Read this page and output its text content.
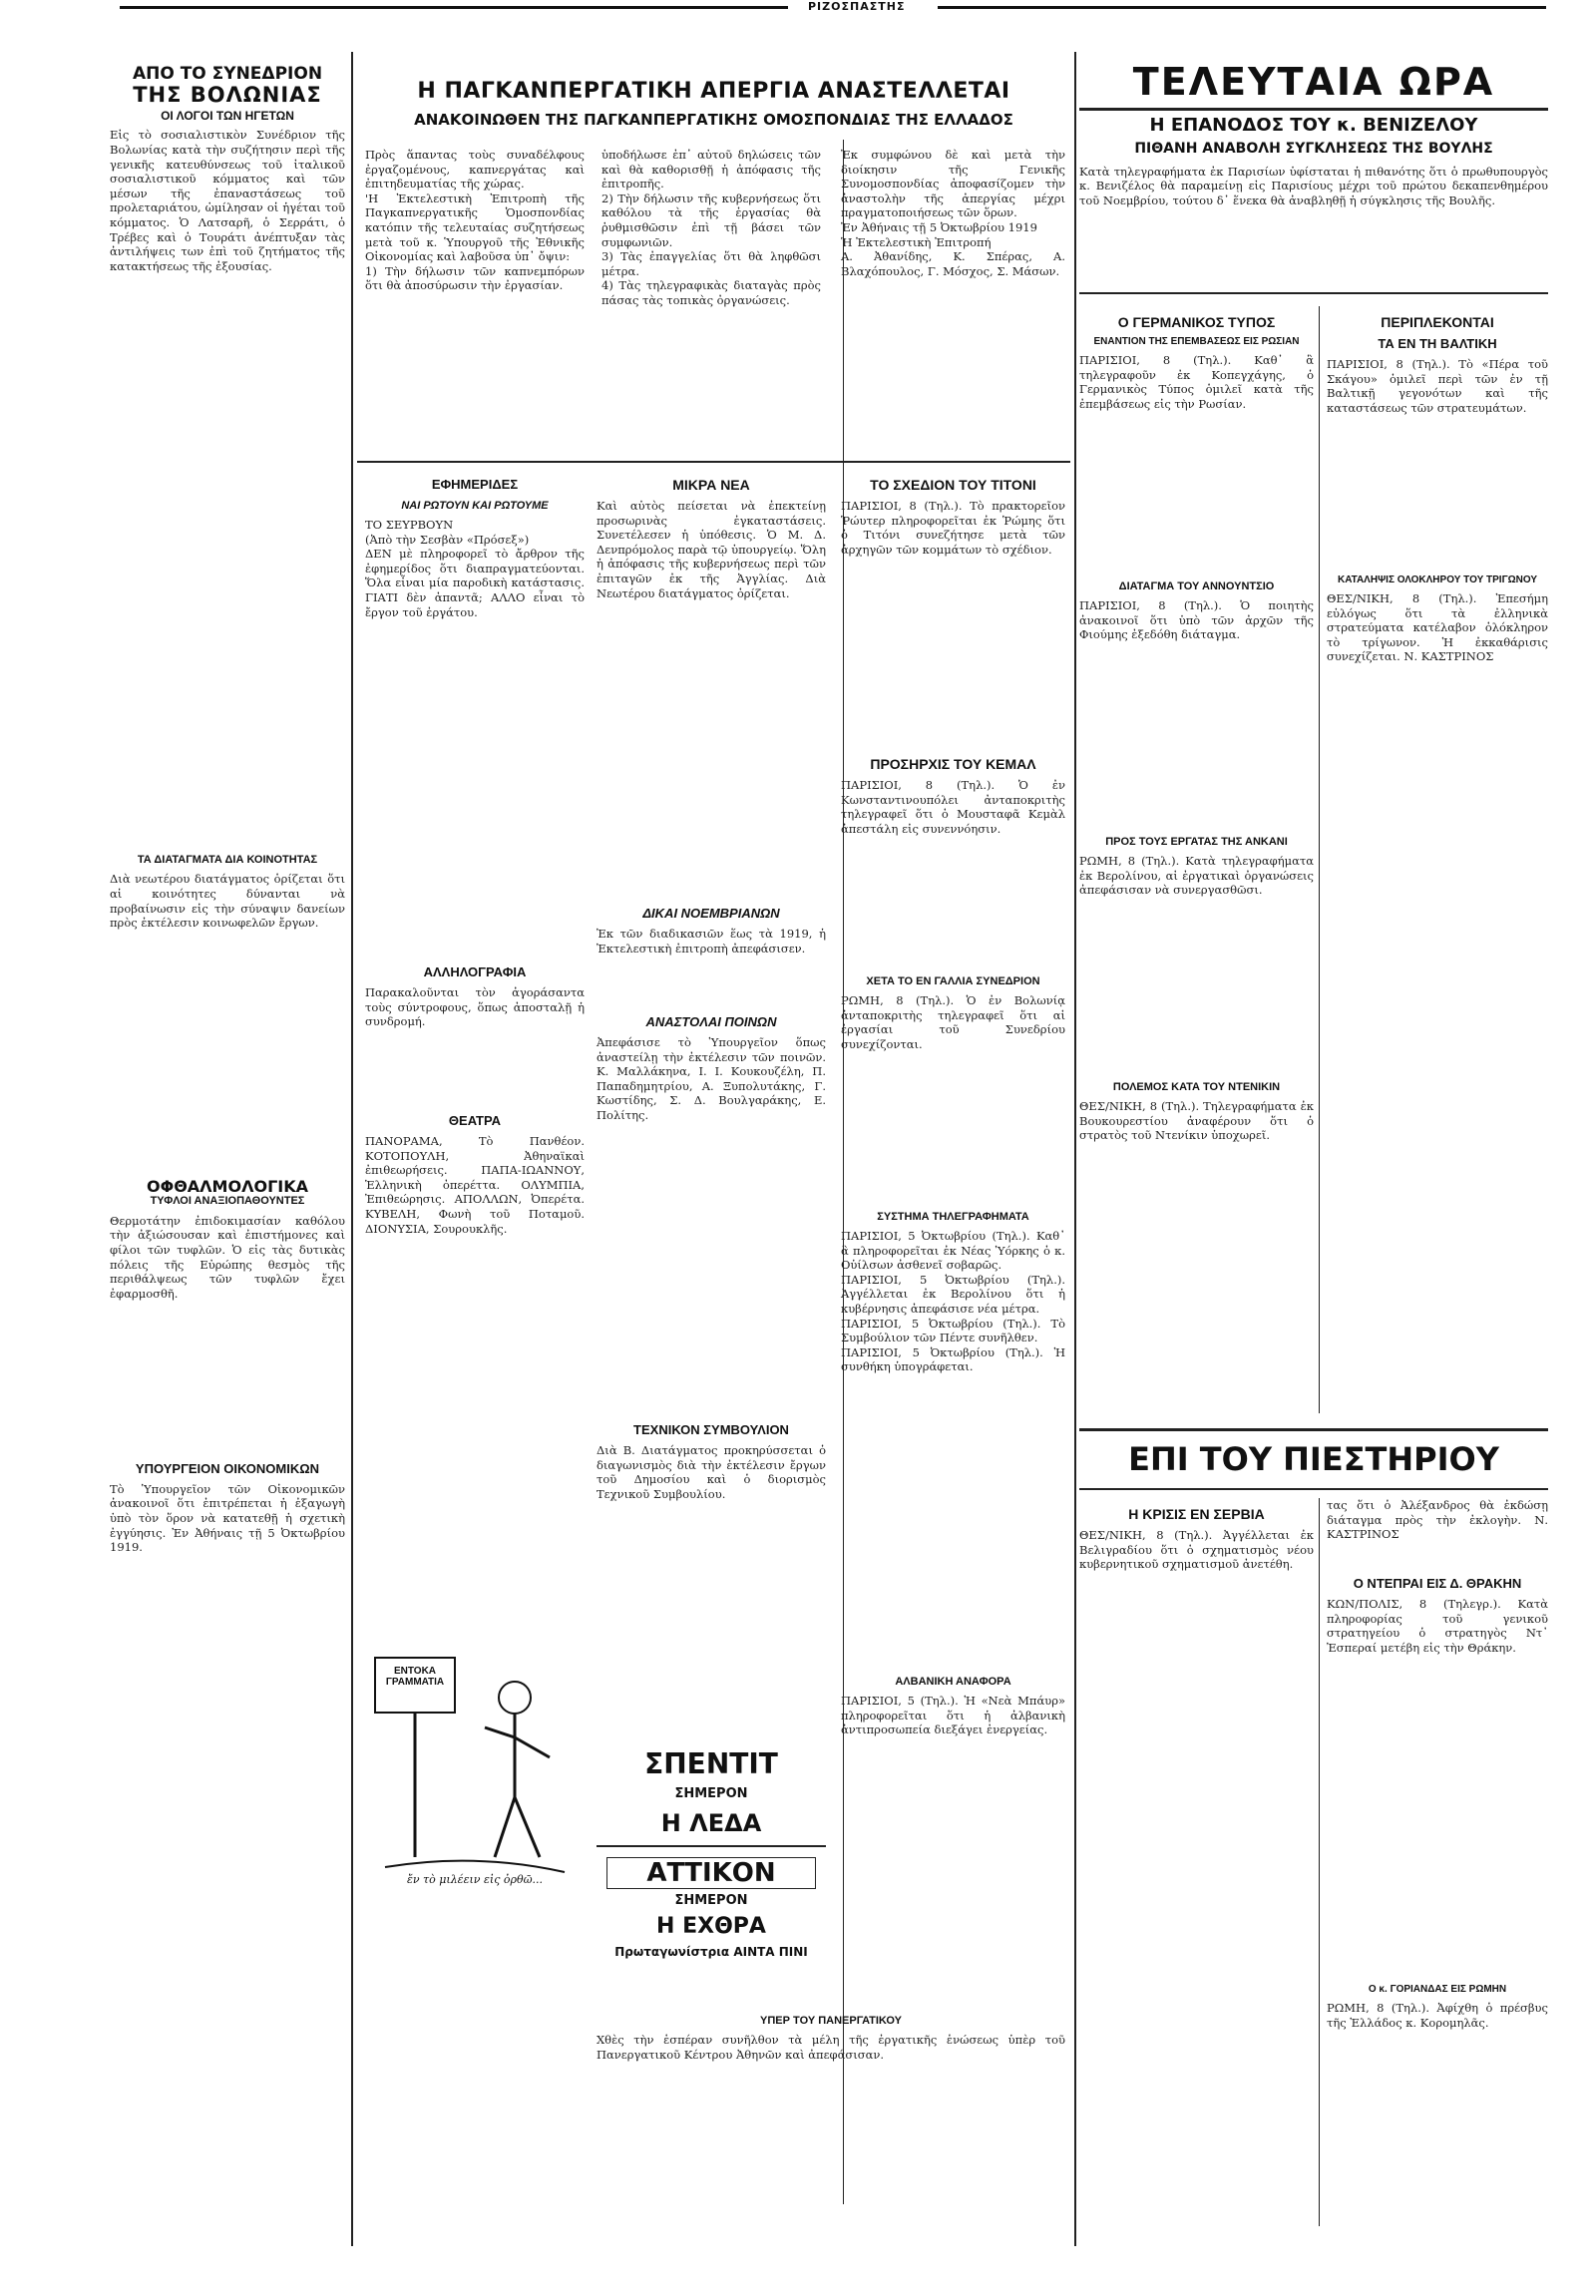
ΡΙΖΟΣΠΑΣΤΗΣ
ΑΠΟ ΤΟ ΣΥΝΕΔΡΙΟΝ
ΤΗΣ ΒΟΛΩΝΙΑΣ
ΟΙ ΛΟΓΟΙ ΤΩΝ ΗΓΕΤΩΝ
Εἰς τὸ σοσιαλιστικὸν Συνέδριον τῆς Βολωνίας κατὰ τὴν συζήτησιν περὶ τῆς γενικῆς κατευθύνσεως τοῦ ἰταλικοῦ σοσιαλιστικοῦ κόμματος καὶ τῶν μέσων τῆς ἐπαναστάσεως τοῦ προλεταριάτου, ὡμίλησαν οἱ ἡγέται τοῦ κόμματος. Ὁ Λατσαρῆ, ὁ Σερράτι, ὁ Τρέβες καὶ ὁ Τουράτι ἀνέπτυξαν τὰς ἀντιλήψεις των ἐπὶ τοῦ ζητήματος τῆς κατακτήσεως τῆς ἐξουσίας.
ΤΑ ΔΙΑΤΑΓΜΑΤΑ ΔΙΑ ΚΟΙΝΟΤΗΤΑΣ
Διὰ νεωτέρου διατάγματος ὁρίζεται ὅτι αἱ κοινότητες δύνανται νὰ προβαίνωσιν εἰς τὴν σύναψιν δανείων πρὸς ἐκτέλεσιν κοινωφελῶν ἔργων.
ΟΦΘΑΛΜΟΛΟΓΙΚΑ
ΤΥΦΛΟΙ ΑΝΑΞΙΟΠΑΘΟΥΝΤΕΣ
Θερμοτάτην ἐπιδοκιμασίαν καθόλου τὴν ἀξιώσουσαν καὶ ἐπιστήμονες καὶ φίλοι τῶν τυφλῶν. Ὁ εἰς τὰς δυτικὰς πόλεις τῆς Εὐρώπης θεσμὸς τῆς περιθάλψεως τῶν τυφλῶν ἔχει ἐφαρμοσθῆ.
ΥΠΟΥΡΓΕΙΟΝ ΟΙΚΟΝΟΜΙΚΩΝ
Τὸ Ὑπουργεῖον τῶν Οἰκονομικῶν ἀνακοινοῖ ὅτι ἐπιτρέπεται ἡ ἐξαγωγὴ ὑπὸ τὸν ὅρον νὰ κατατεθῇ ἡ σχετικὴ ἐγγύησις. Ἐν Ἀθήναις τῇ 5 Ὀκτωβρίου 1919.
Η ΠΑΓΚΑΝΠΕΡΓΑΤΙΚΗ ΑΠΕΡΓΙΑ ΑΝΑΣΤΕΛΛΕΤΑΙ
ΑΝΑΚΟΙΝΩΘΕΝ ΤΗΣ ΠΑΓΚΑΝΠΕΡΓΑΤΙΚΗΣ ΟΜΟΣΠΟΝΔΙΑΣ ΤΗΣ ΕΛΛΑΔΟΣ
Πρὸς ἅπαντας τοὺς συναδέλφους ἐργαζομένους, καπνεργάτας καὶ ἐπιτηδευματίας τῆς χώρας.
'Η Ἐκτελεστικὴ Ἐπιτροπὴ τῆς Παγκαπνεργατικῆς Ὁμοσπονδίας κατόπιν τῆς τελευταίας συζητήσεως μετὰ τοῦ κ. Ὑπουργοῦ τῆς Ἐθνικῆς Οἰκονομίας καὶ λαβοῦσα ὑπ᾽ ὄψιν:
1) Τὴν δήλωσιν τῶν καπνεμπόρων ὅτι θὰ ἀποσύρωσιν τὴν ἐργασίαν.
ὑποδήλωσε ἐπ᾽ αὐτοῦ δηλώσεις τῶν καὶ θὰ καθορισθῇ ἡ ἀπόφασις τῆς ἐπιτροπῆς.
2) Τὴν δήλωσιν τῆς κυβερνήσεως ὅτι καθόλου τὰ τῆς ἐργασίας θὰ ῥυθμισθῶσιν ἐπὶ τῇ βάσει τῶν συμφωνιῶν.
3) Τὰς ἐπαγγελίας ὅτι θὰ ληφθῶσι μέτρα.
4) Τὰς τηλεγραφικὰς διαταγὰς πρὸς πάσας τὰς τοπικὰς ὀργανώσεις.
Ἐκ συμφώνου δὲ καὶ μετὰ τὴν διοίκησιν τῆς Γενικῆς Συνομοσπονδίας ἀποφασίζομεν τὴν ἀναστολὴν τῆς ἀπεργίας μέχρι πραγματοποιήσεως τῶν ὅρων.
Ἐν Ἀθήναις τῇ 5 Ὀκτωβρίου 1919
Ἡ Ἐκτελεστικὴ Ἐπιτροπή
Α. Ἀθανίδης, Κ. Σπέρας, Α. Βλαχόπουλος, Γ. Μόσχος, Σ. Μάσων.
ΕΦΗΜΕΡΙΔΕΣ
ΝΑΙ ΡΩΤΟΥΝ ΚΑΙ ΡΩΤΟΥΜΕ
ΤΟ ΣΕΥΡΒΟΥΝ
(Ἀπὸ τὴν Σεσβὰν «Πρόσεξ»)
ΔΕΝ μὲ πληροφορεῖ τὸ ἄρθρον τῆς ἐφημερίδος ὅτι διαπραγματεύονται. Ὅλα εἶναι μία παροδικὴ κατάστασις. ΓΙΑΤΙ δὲν ἀπαντᾶ; ΑΛΛΟ εἶναι τὸ ἔργον τοῦ ἐργάτου.
ΑΛΛΗΛΟΓΡΑΦΙΑ
Παρακαλοῦνται τὸν ἀγοράσαντα τοὺς σύντροφους, ὅπως ἀποσταλῇ ἡ συνδρομή.
ΘΕΑΤΡΑ
ΠΑΝΟΡΑΜΑ, Τὸ Πανθέον. ΚΟΤΟΠΟΥΛΗ, Ἀθηναϊκαὶ ἐπιθεωρήσεις. ΠΑΠΑ-ΙΩΑΝΝΟΥ, Ἑλληνικὴ ὀπερέττα. ΟΛΥΜΠΙΑ, Ἐπιθεώρησις. ΑΠΟΛΛΩΝ, Ὀπερέτα. ΚΥΒΕΛΗ, Φωνὴ τοῦ Ποταμοῦ. ΔΙΟΝΥΣΙΑ, Σουρουκλῆς.
ΕΝΤΟΚΑ ΓΡΑΜΜΑΤΙΑ
ἔν τὸ μιλέειν εἰς ὀρθῶ...
ΣΠΕΝΤΙΤ
ΣΗΜΕΡΟΝ
Η ΛΕΔΑ
ΑΤΤΙΚΟΝ
ΣΗΜΕΡΟΝ
Η ΕΧΘΡΑ
Πρωταγωνίστρια ΑΙΝΤΑ ΠΙΝΙ
ΜΙΚΡΑ ΝΕΑ
Καὶ αὐτὸς πείσεται νὰ ἐπεκτείνῃ προσωρινὰς ἐγκαταστάσεις. Συνετέλεσεν ἡ ὑπόθεσις. Ὁ Μ. Δ. Δενπρόμολος παρὰ τῷ ὑπουργείῳ. Ὅλη ἡ ἀπόφασις τῆς κυβερνήσεως περὶ τῶν ἐπιταγῶν ἐκ τῆς Ἀγγλίας. Διὰ Νεωτέρου διατάγματος ὁρίζεται.
ΔΙΚΑΙ ΝΟΕΜΒΡΙΑΝΩΝ
Ἐκ τῶν διαδικασιῶν ἕως τὰ 1919, ἡ Ἐκτελεστικὴ ἐπιτροπὴ ἀπεφάσισεν.
ΑΝΑΣΤΟΛΑΙ ΠΟΙΝΩΝ
Ἀπεφάσισε τὸ Ὑπουργεῖον ὅπως ἀναστείλῃ τὴν ἐκτέλεσιν τῶν ποινῶν. Κ. Μαλλάκηνα, Ι. Ι. Κουκουζέλη, Π. Παπαδημητρίου, Α. Ξυπολυτάκης, Γ. Κωστίδης, Σ. Δ. Βουλγαράκης, Ε. Πολίτης.
ΤΕΧΝΙΚΟΝ ΣΥΜΒΟΥΛΙΟΝ
Διὰ Β. Διατάγματος προκηρύσσεται ὁ διαγωνισμὸς διὰ τὴν ἐκτέλεσιν ἔργων τοῦ Δημοσίου καὶ ὁ διορισμὸς Τεχνικοῦ Συμβουλίου.
ΤΟ ΣΧΕΔΙΟΝ ΤΟΥ ΤΙΤΟΝΙ
ΠΑΡΙΣΙΟΙ, 8 (Τηλ.). Τὸ πρακτορεῖον Ῥώυτερ πληροφορεῖται ἐκ Ῥώμης ὅτι ὁ Τιτόνι συνεζήτησε μετὰ τῶν ἀρχηγῶν τῶν κομμάτων τὸ σχέδιον.
ΠΡΟΣΗΡΧΙΣ ΤΟΥ ΚΕΜΑΛ
ΠΑΡΙΣΙΟΙ, 8 (Τηλ.). Ὁ ἐν Κωνσταντινουπόλει ἀνταποκριτὴς τηλεγραφεῖ ὅτι ὁ Μουσταφᾶ Κεμὰλ ἀπεστάλη εἰς συνεννόησιν.
ΧΕΤΑ ΤΟ ΕΝ ΓΑΛΛΙΑ ΣΥΝΕΔΡΙΟΝ
ΡΩΜΗ, 8 (Τηλ.). Ὁ ἐν Βολωνίᾳ ἀνταποκριτὴς τηλεγραφεῖ ὅτι αἱ ἐργασίαι τοῦ Συνεδρίου συνεχίζονται.
ΣΥΣΤΗΜΑ ΤΗΛΕΓΡΑΦΗΜΑΤΑ
ΠΑΡΙΣΙΟΙ, 5 Ὀκτωβρίου (Τηλ.). Καθ᾽ ἃ πληροφορεῖται ἐκ Νέας Ὑόρκης ὁ κ. Οὐίλσων ἀσθενεῖ σοβαρῶς.
ΠΑΡΙΣΙΟΙ, 5 Ὀκτωβρίου (Τηλ.). Ἀγγέλλεται ἐκ Βερολίνου ὅτι ἡ κυβέρνησις ἀπεφάσισε νέα μέτρα.
ΠΑΡΙΣΙΟΙ, 5 Ὀκτωβρίου (Τηλ.). Τὸ Συμβούλιον τῶν Πέντε συνῆλθεν.
ΠΑΡΙΣΙΟΙ, 5 Ὀκτωβρίου (Τηλ.). Ἡ συνθήκη ὑπογράφεται.
ΑΛΒΑΝΙΚΗ ΑΝΑΦΟΡΑ
ΠΑΡΙΣΙΟΙ, 5 (Τηλ.). Ἡ «Νεὰ Μπάυρ» πληροφορεῖται ὅτι ἡ ἀλβανικὴ ἀντιπροσωπεία διεξάγει ἐνεργείας.
ΥΠΕΡ ΤΟΥ ΠΑΝΕΡΓΑΤΙΚΟΥ
Χθὲς τὴν ἑσπέραν συνῆλθον τὰ μέλη τῆς ἐργατικῆς ἑνώσεως ὑπὲρ τοῦ Πανεργατικοῦ Κέντρου Ἀθηνῶν καὶ ἀπεφάσισαν.
ΤΕΛΕΥΤΑΙΑ ΩΡΑ
Η ΕΠΑΝΟΔΟΣ ΤΟΥ κ. ΒΕΝΙΖΕΛΟΥ
ΠΙΘΑΝΗ ΑΝΑΒΟΛΗ ΣΥΓΚΛΗΣΕΩΣ ΤΗΣ ΒΟΥΛΗΣ
Κατὰ τηλεγραφήματα ἐκ Παρισίων ὑφίσταται ἡ πιθανότης ὅτι ὁ πρωθυπουργὸς κ. Βενιζέλος θὰ παραμείνῃ εἰς Παρισίους μέχρι τοῦ πρώτου δεκαπενθημέρου τοῦ Νοεμβρίου, τούτου δ᾽ ἕνεκα θὰ ἀναβληθῇ ἡ σύγκλησις τῆς Βουλῆς.
Ο ΓΕΡΜΑΝΙΚΟΣ ΤΥΠΟΣ
ΕΝΑΝΤΙΟΝ ΤΗΣ ΕΠΕΜΒΑΣΕΩΣ ΕΙΣ ΡΩΣΙΑΝ
ΠΑΡΙΣΙΟΙ, 8 (Τηλ.). Καθ᾽ ἃ τηλεγραφοῦν ἐκ Κοπεγχάγης, ὁ Γερμανικὸς Τύπος ὁμιλεῖ κατὰ τῆς ἐπεμβάσεως εἰς τὴν Ρωσίαν.
ΔΙΑΤΑΓΜΑ ΤΟΥ ΑΝΝΟΥΝΤΣΙΟ
ΠΑΡΙΣΙΟΙ, 8 (Τηλ.). Ὁ ποιητὴς ἀνακοινοῖ ὅτι ὑπὸ τῶν ἀρχῶν τῆς Φιούμης ἐξεδόθη διάταγμα.
ΠΡΟΣ ΤΟΥΣ ΕΡΓΑΤΑΣ ΤΗΣ ΑΝΚΑΝΙ
ΡΩΜΗ, 8 (Τηλ.). Κατὰ τηλεγραφήματα ἐκ Βερολίνου, αἱ ἐργατικαὶ ὀργανώσεις ἀπεφάσισαν νὰ συνεργασθῶσι.
ΠΟΛΕΜΟΣ ΚΑΤΑ ΤΟΥ ΝΤΕΝΙΚΙΝ
ΘΕΣ/ΝΙΚΗ, 8 (Τηλ.). Τηλεγραφήματα ἐκ Βουκουρεστίου ἀναφέρουν ὅτι ὁ στρατὸς τοῦ Ντενίκιν ὑποχωρεῖ.
ΠΕΡΙΠΛΕΚΟΝΤΑΙ
ΤΑ ΕΝ ΤΗ ΒΑΛΤΙΚΗ
ΠΑΡΙΣΙΟΙ, 8 (Τηλ.). Τὸ «Πέρα τοῦ Σκάγου» ὁμιλεῖ περὶ τῶν ἐν τῇ Βαλτικῇ γεγονότων καὶ τῆς καταστάσεως τῶν στρατευμάτων.
ΚΑΤΑΛΗΨΙΣ ΟΛΟΚΛΗΡΟΥ ΤΟΥ ΤΡΙΓΩΝΟΥ
ΘΕΣ/ΝΙΚΗ, 8 (Τηλ.). Ἐπεσήμη εὐλόγως ὅτι τὰ ἐλληνικὰ στρατεύματα κατέλαβον ὁλόκληρον τὸ τρίγωνον. Ἡ ἐκκαθάρισις συνεχίζεται. Ν. ΚΑΣΤΡΙΝΟΣ
ΕΠΙ ΤΟΥ ΠΙΕΣΤΗΡΙΟΥ
Η ΚΡΙΣΙΣ ΕΝ ΣΕΡΒΙΑ
ΘΕΣ/ΝΙΚΗ, 8 (Τηλ.). Ἀγγέλλεται ἐκ Βελιγραδίου ὅτι ὁ σχηματισμὸς νέου κυβερνητικοῦ σχηματισμοῦ ἀνετέθη.
τας ὅτι ὁ Ἀλέξανδρος θὰ ἐκδώσῃ διάταγμα πρὸς τὴν ἐκλογὴν. Ν. ΚΑΣΤΡΙΝΟΣ
Ο ΝΤΕΠΡΑΙ ΕΙΣ Δ. ΘΡΑΚΗΝ
ΚΩΝ/ΠΟΛΙΣ, 8 (Τηλεγρ.). Κατὰ πληροφορίας τοῦ γενικοῦ στρατηγείου ὁ στρατηγὸς Ντ᾽ Ἐσπεραί μετέβη εἰς τὴν Θράκην.
Ο κ. ΓΟΡΙΑΝΔΑΣ ΕΙΣ ΡΩΜΗΝ
ΡΩΜΗ, 8 (Τηλ.). Ἀφίχθη ὁ πρέσβυς τῆς Ἑλλάδος κ. Κορομηλᾶς.
